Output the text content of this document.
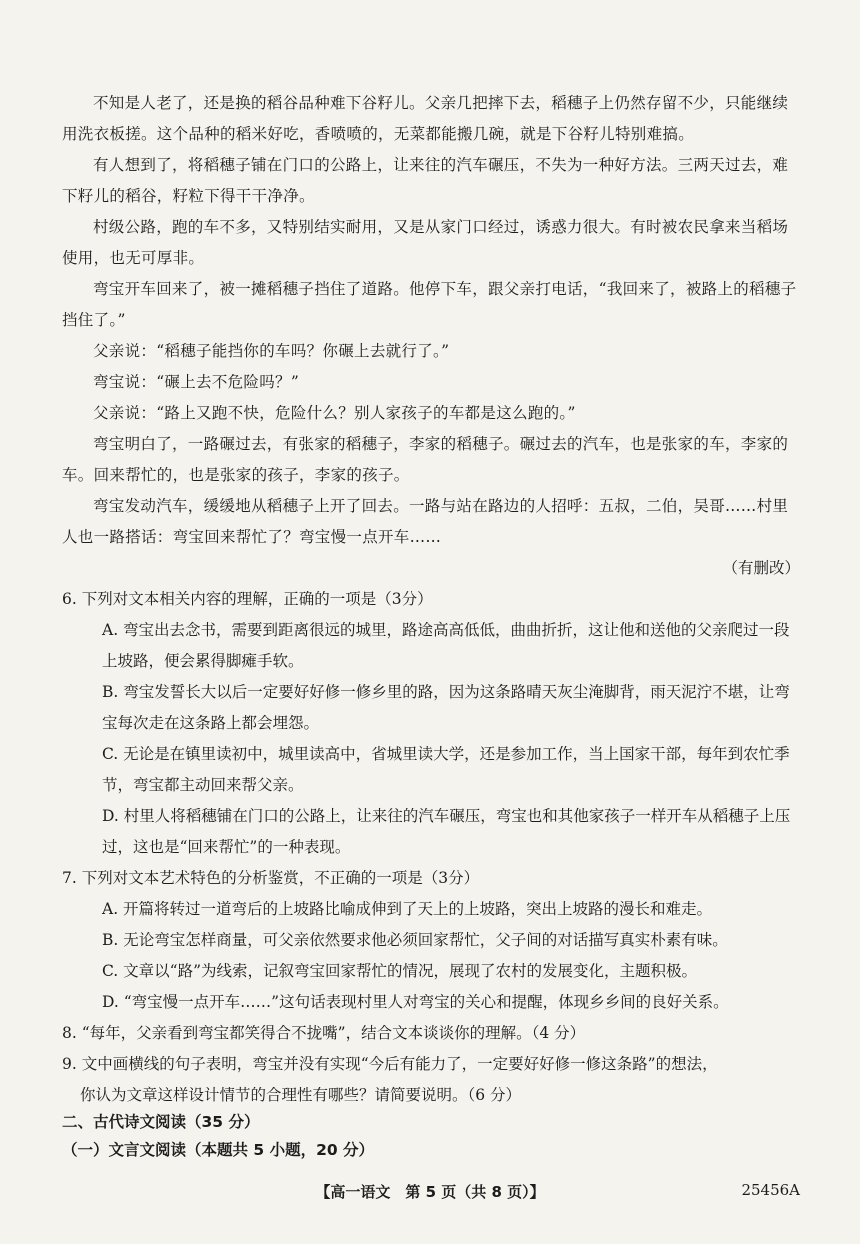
不知是人老了，还是换的稻谷品种难下谷籽儿。父亲几把摔下去，稻穗子上仍然存留不少，只能继续用洗衣板搓。这个品种的稻米好吃，香喷喷的，无菜都能搬几碗，就是下谷籽儿特别难搞。

有人想到了，将稻穗子铺在门口的公路上，让来往的汽车碾压，不失为一种好方法。三两天过去，难下籽儿的稻谷，籽粒下得干干净净。

村级公路，跑的车不多，又特别结实耐用，又是从家门口经过，诱惑力很大。有时被农民拿来当稻场使用，也无可厚非。

弯宝开车回来了，被一摊稻穗子挡住了道路。他停下车，跟父亲打电话，“我回来了，被路上的稻穗子挡住了。”

父亲说：“稻穗子能挡你的车吗？你碾上去就行了。”

弯宝说：“碾上去不危险吗？”

父亲说：“路上又跑不快，危险什么？别人家孩子的车都是这么跑的。”

弯宝明白了，一路碾过去，有张家的稻穗子，李家的稻穗子。碾过去的汽车，也是张家的车，李家的车。回来帮忙的，也是张家的孩子，李家的孩子。

弯宝发动汽车，缓缓地从稻穗子上开了回去。一路与站在路边的人招呼：五叔，二伯，吴哥……村里人也一路搭话：弯宝回来帮忙了？弯宝慢一点开车……

（有删改）

6. 下列对文本相关内容的理解，正确的一项是（3分）

A. 弯宝出去念书，需要到距离很远的城里，路途高高低低，曲曲折折，这让他和送他的父亲爬过一段上坡路，便会累得脚瘫手软。

B. 弯宝发誓长大以后一定要好好修一修乡里的路，因为这条路晴天灰尘淹脚背，雨天泥泞不堪，让弯宝每次走在这条路上都会埋怨。

C. 无论是在镇里读初中，城里读高中，省城里读大学，还是参加工作，当上国家干部，每年到农忙季节，弯宝都主动回来帮父亲。

D. 村里人将稻穗铺在门口的公路上，让来往的汽车碾压，弯宝也和其他家孩子一样开车从稻穗子上压过，这也是“回来帮忙”的一种表现。

7. 下列对文本艺术特色的分析鉴赏，不正确的一项是（3分）

A. 开篇将转过一道弯后的上坡路比喻成伸到了天上的上坡路，突出上坡路的漫长和难走。

B. 无论弯宝怎样商量，可父亲依然要求他必须回家帮忙，父子间的对话描写真实朴素有味。

C. 文章以“路”为线索，记叙弯宝回家帮忙的情况，展现了农村的发展变化，主题积极。

D. “弯宝慢一点开车……”这句话表现村里人对弯宝的关心和提醒，体现乡乡间的良好关系。

8. “每年，父亲看到弯宝都笑得合不拢嘴”，结合文本谈谈你的理解。（4 分）

9. 文中画横线的句子表明，弯宝并没有实现“今后有能力了，一定要好好修一修这条路”的想法，

你认为文章这样设计情节的合理性有哪些？请简要说明。（6 分）

二、古代诗文阅读（35 分）
（一）文言文阅读（本题共 5 小题，20 分）
【高一语文　第 5 页（共 8 页）】	25456A
